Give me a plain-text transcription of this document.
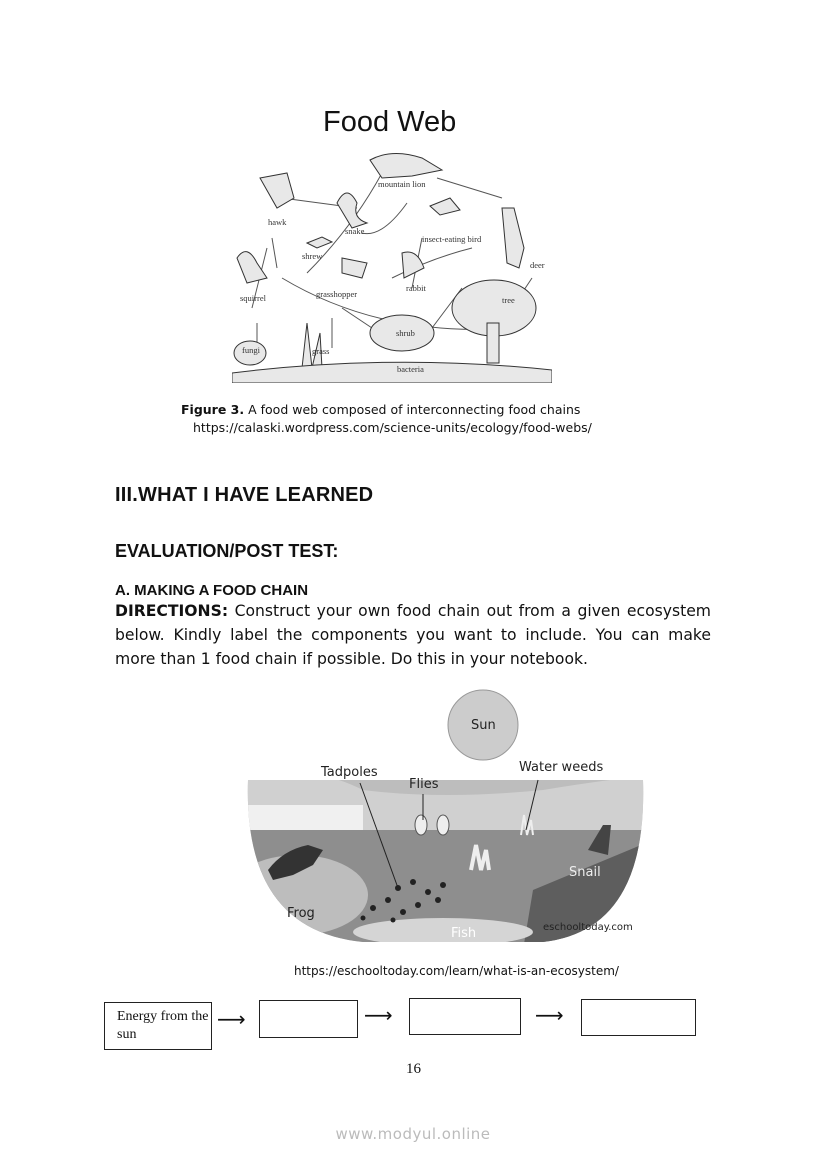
Food Web
mountain lion
hawk
snake
insect-eating bird
shrew
deer
squirrel	grasshopper
rabbit
tree
shrub
fungi	grass
bacteria
Figure 3. A food web composed of interconnecting food chains
https://calaski.wordpress.com/science-units/ecology/food-webs/
III.WHAT I HAVE LEARNED
EVALUATION/POST TEST:
A. MAKING A FOOD CHAIN
DIRECTIONS: Construct your own food chain out from a given ecosystem below. Kindly label the components you want to include. You can make more than 1 food chain if possible. Do this in your notebook.
Sun
Tadpoles
Flies
Water weeds
Snail
Frog
Fish	eschooltoday.com
https://eschooltoday.com/learn/what-is-an-ecosystem/
Energy from the sun
⟶	⟶	⟶
16
www.modyul.online
